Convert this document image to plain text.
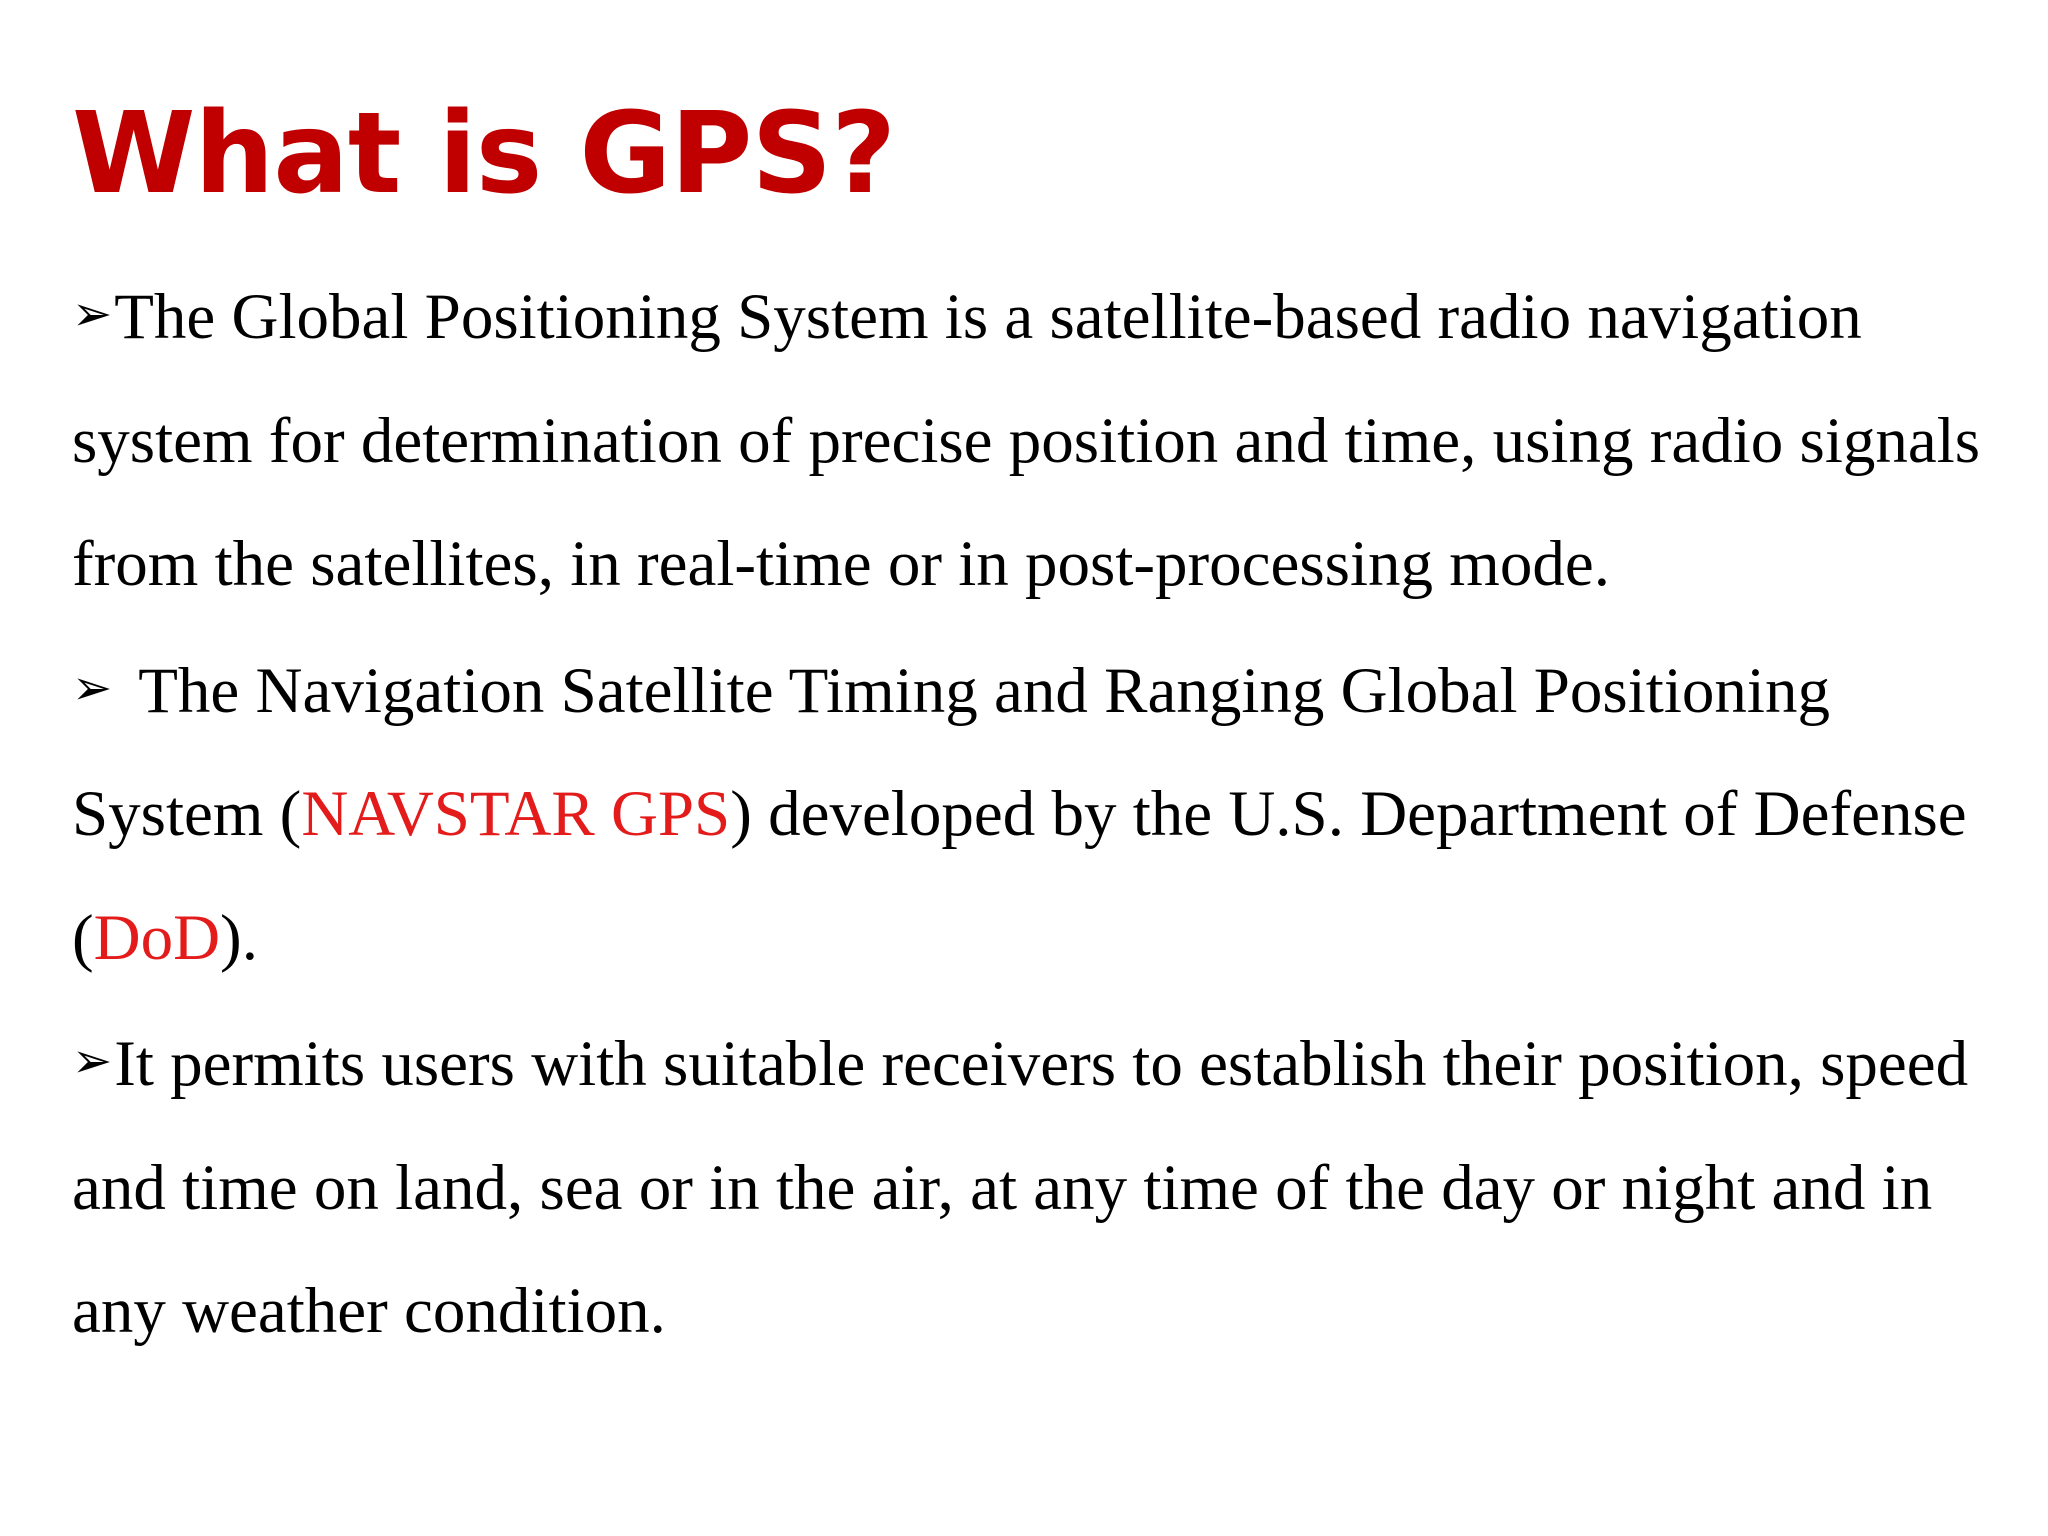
What is GPS?

➢The Global Positioning System is a satellite-based radio navigation system for determination of precise position and time, using radio signals from the satellites, in real-time or in post-processing mode.

➢ The Navigation Satellite Timing and Ranging Global Positioning System (NAVSTAR GPS) developed by the U.S. Department of Defense (DoD).

➢It permits users with suitable receivers to establish their position, speed and time on land, sea or in the air, at any time of the day or night and in any weather condition.
